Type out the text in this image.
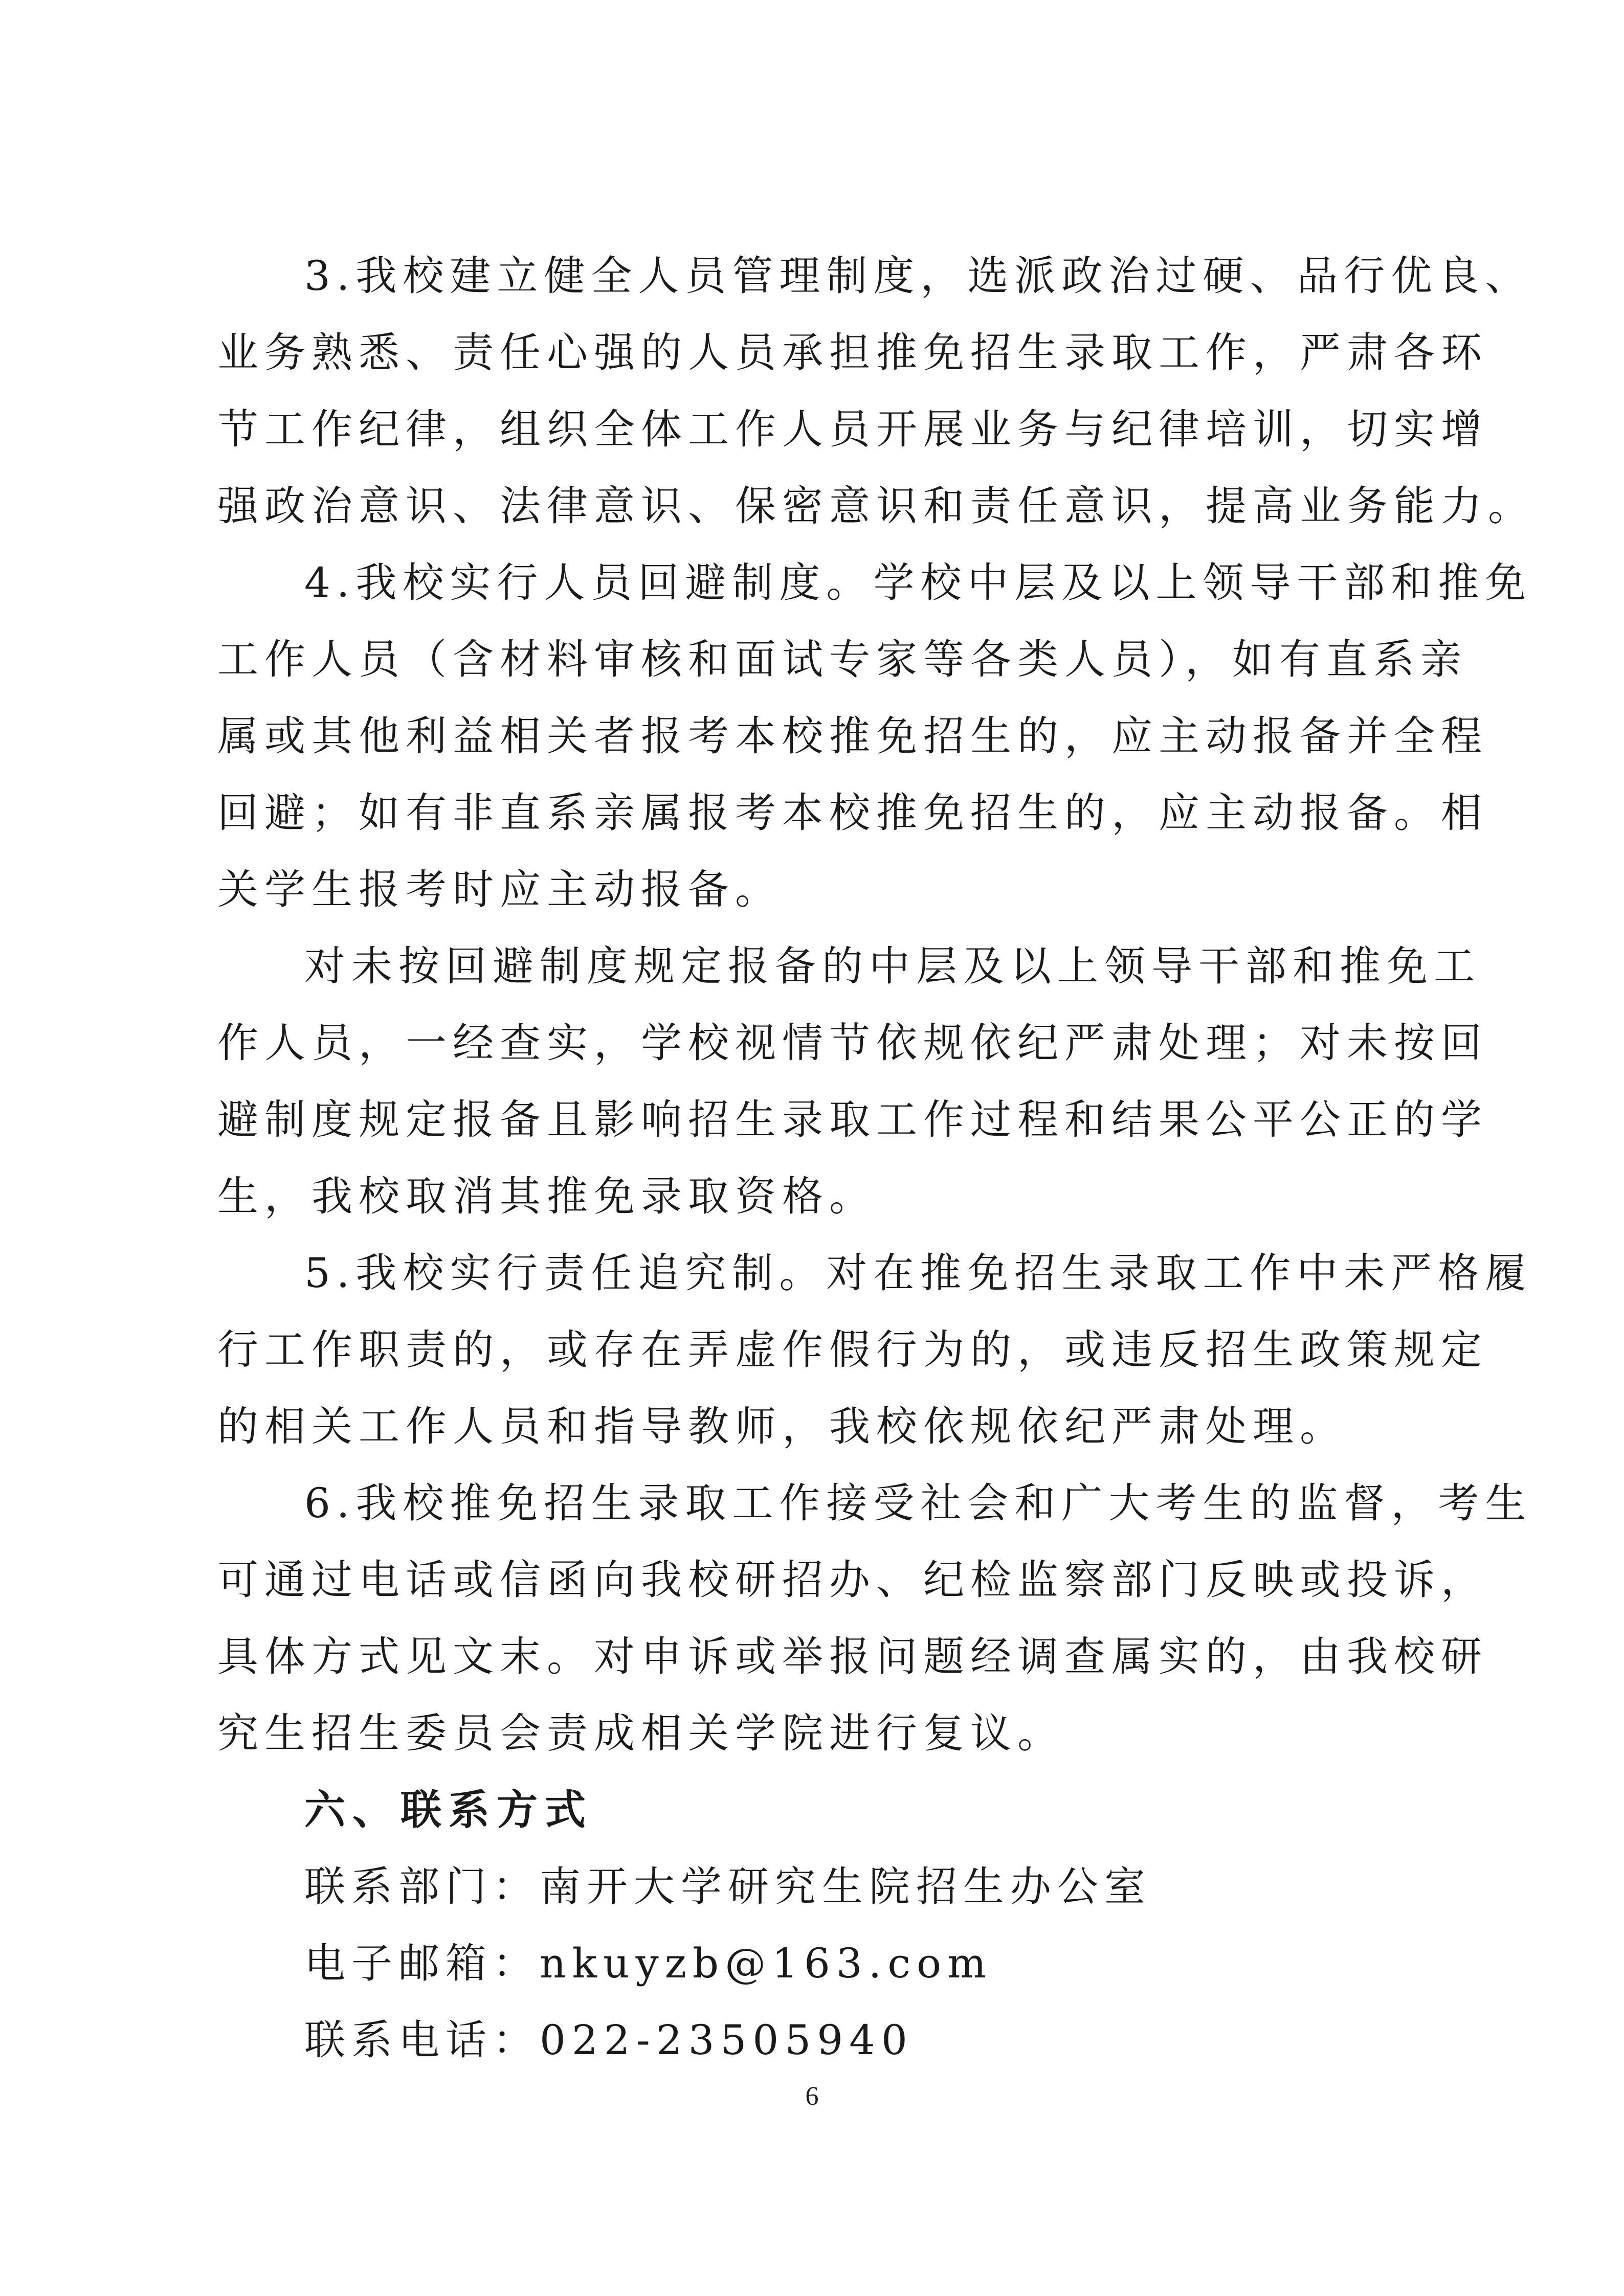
3.我校建立健全人员管理制度，选派政治过硬、品行优良、
业务熟悉、责任心强的人员承担推免招生录取工作，严肃各环
节工作纪律，组织全体工作人员开展业务与纪律培训，切实增
强政治意识、法律意识、保密意识和责任意识，提高业务能力。
4.我校实行人员回避制度。学校中层及以上领导干部和推免
工作人员（含材料审核和面试专家等各类人员），如有直系亲
属或其他利益相关者报考本校推免招生的，应主动报备并全程
回避；如有非直系亲属报考本校推免招生的，应主动报备。相
关学生报考时应主动报备。
对未按回避制度规定报备的中层及以上领导干部和推免工
作人员，一经查实，学校视情节依规依纪严肃处理；对未按回
避制度规定报备且影响招生录取工作过程和结果公平公正的学
生，我校取消其推免录取资格。
5.我校实行责任追究制。对在推免招生录取工作中未严格履
行工作职责的，或存在弄虚作假行为的，或违反招生政策规定
的相关工作人员和指导教师，我校依规依纪严肃处理。
6.我校推免招生录取工作接受社会和广大考生的监督，考生
可通过电话或信函向我校研招办、纪检监察部门反映或投诉，
具体方式见文末。对申诉或举报问题经调查属实的，由我校研
究生招生委员会责成相关学院进行复议。
六、联系方式
联系部门：南开大学研究生院招生办公室
电子邮箱：nkuyzb@163.com
联系电话：022-23505940
6
